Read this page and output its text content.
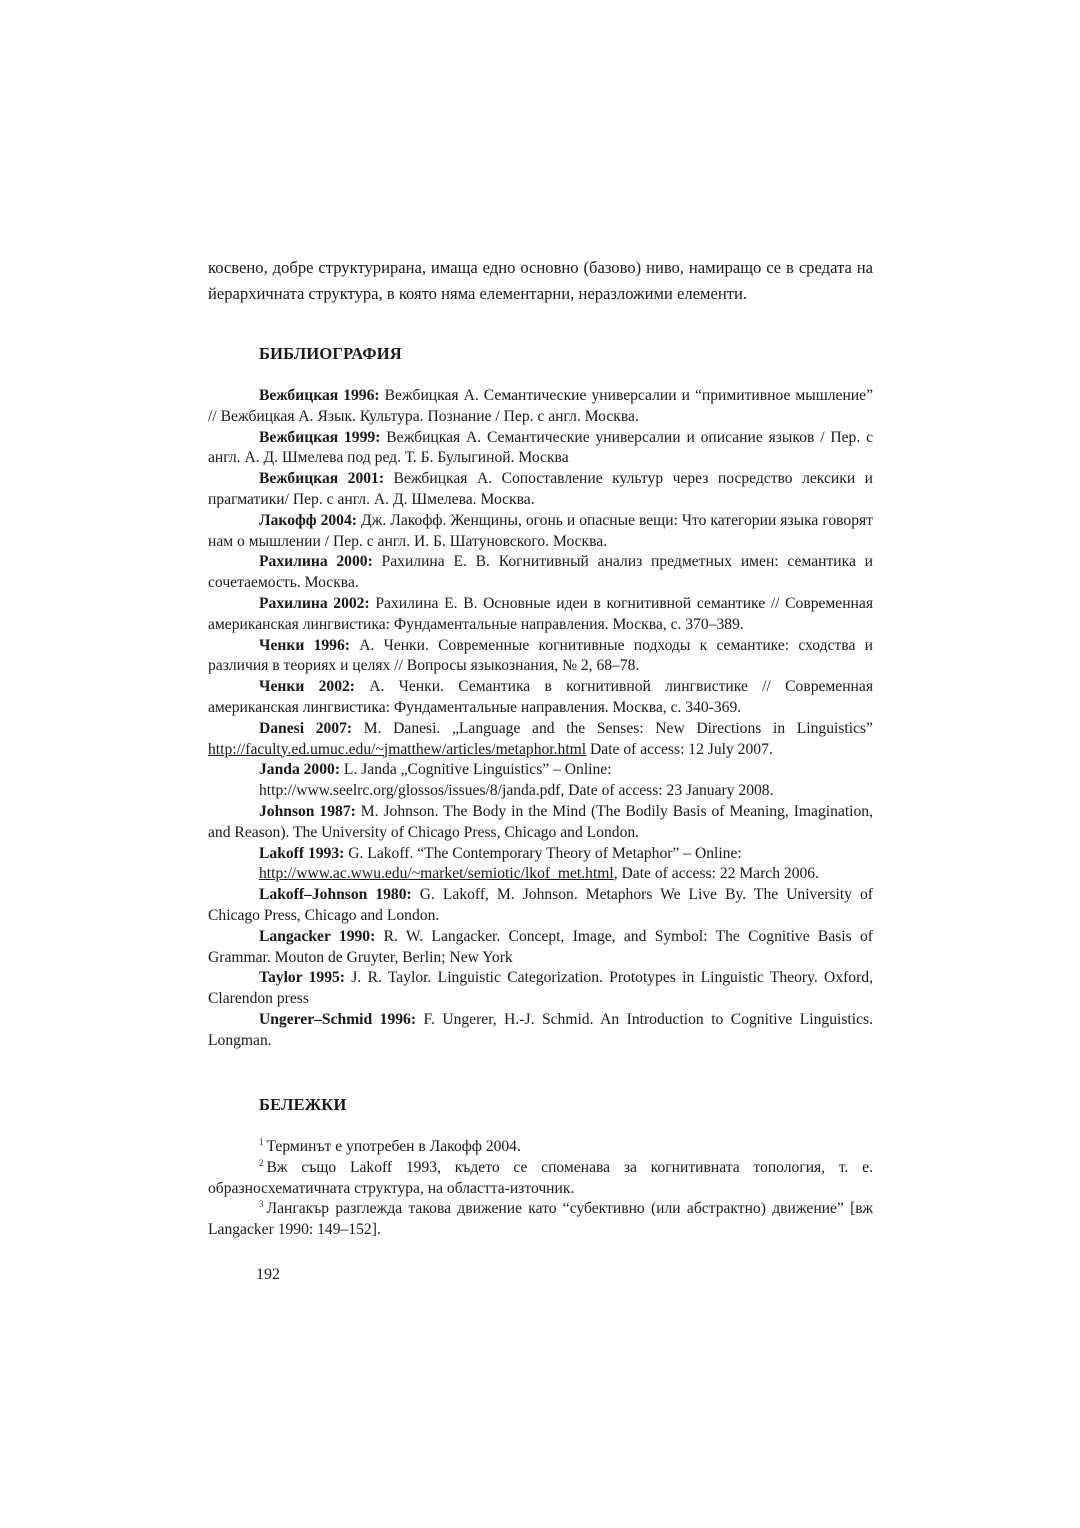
косвено, добре структурирана, имаща едно основно (базово) ниво, намиращо се в средата на йерархичната структура, в която няма елементарни, неразложими елементи.

БИБЛИОГРАФИЯ

Вежбицкая 1996: Вежбицкая А. Семантические универсалии и “примитивное мышление” // Вежбицкая А. Язык. Культура. Познание / Пер. с англ. Москва.

Вежбицкая 1999: Вежбицкая А. Семантические универсалии и описание языков / Пер. с англ. А. Д. Шмелева под ред. Т. Б. Булыгиной. Москва

Вежбицкая 2001: Вежбицкая А. Сопоставление культур через посредство лексики и прагматики/ Пер. с англ. А. Д. Шмелева. Москва.

Лакофф 2004: Дж. Лакофф. Женщины, огонь и опасные вещи: Что категории языка говорят нам о мышлении / Пер. с англ. И. Б. Шатуновского. Москва.

Рахилина 2000: Рахилина Е. В. Когнитивный анализ предметных имен: семантика и сочетаемость. Москва.

Рахилина 2002: Рахилина Е. В. Основные идеи в когнитивной семантике // Современная американская лингвистика: Фундаментальные направления. Москва, с. 370–389.

Ченки 1996: А. Ченки. Современные когнитивные подходы к семантике: сходства и различия в теориях и целях // Вопросы языкознания, № 2, 68–78.

Ченки 2002: А. Ченки. Семантика в когнитивной лингвистике // Современная американская лингвистика: Фундаментальные направления. Москва, с. 340-369.

Danesi 2007: M. Danesi. „Language and the Senses: New Directions in Linguistics” http://faculty.ed.umuc.edu/~jmatthew/articles/metaphor.html Date of access: 12 July 2007.

Janda 2000: L. Janda „Cognitive Linguistics” – Online:
http://www.seelrc.org/glossos/issues/8/janda.pdf, Date of access: 23 January 2008.

Johnson 1987: M. Johnson. The Body in the Mind (The Bodily Basis of Meaning, Imagination, and Reason). The University of Chicago Press, Chicago and London.

Lakoff 1993: G. Lakoff. “The Contemporary Theory of Metaphor” – Online:
http://www.ac.wwu.edu/~market/semiotic/lkof_met.html, Date of access: 22 March 2006.

Lakoff–Johnson 1980: G. Lakoff, M. Johnson. Metaphors We Live By. The University of Chicago Press, Chicago and London.

Langacker 1990: R. W. Langacker. Concept, Image, and Symbol: The Cognitive Basis of Grammar. Mouton de Gruyter, Berlin; New York

Taylor 1995: J. R. Taylor. Linguistic Categorization. Prototypes in Linguistic Theory. Oxford, Clarendon press

Ungerer–Schmid 1996: F. Ungerer, H.-J. Schmid. An Introduction to Cognitive Linguistics. Longman.

БЕЛЕЖКИ

$^1$ Терминът е употребен в Лакофф 2004.

$^2$ Вж също Lakoff 1993, където се споменава за когнитивната топология, т. е. образносхематичната структура, на областта-източник.

$^3$ Лангакър разглежда такова движение като “субективно (или абстрактно) движение” [вж Langacker 1990: 149–152].

192
